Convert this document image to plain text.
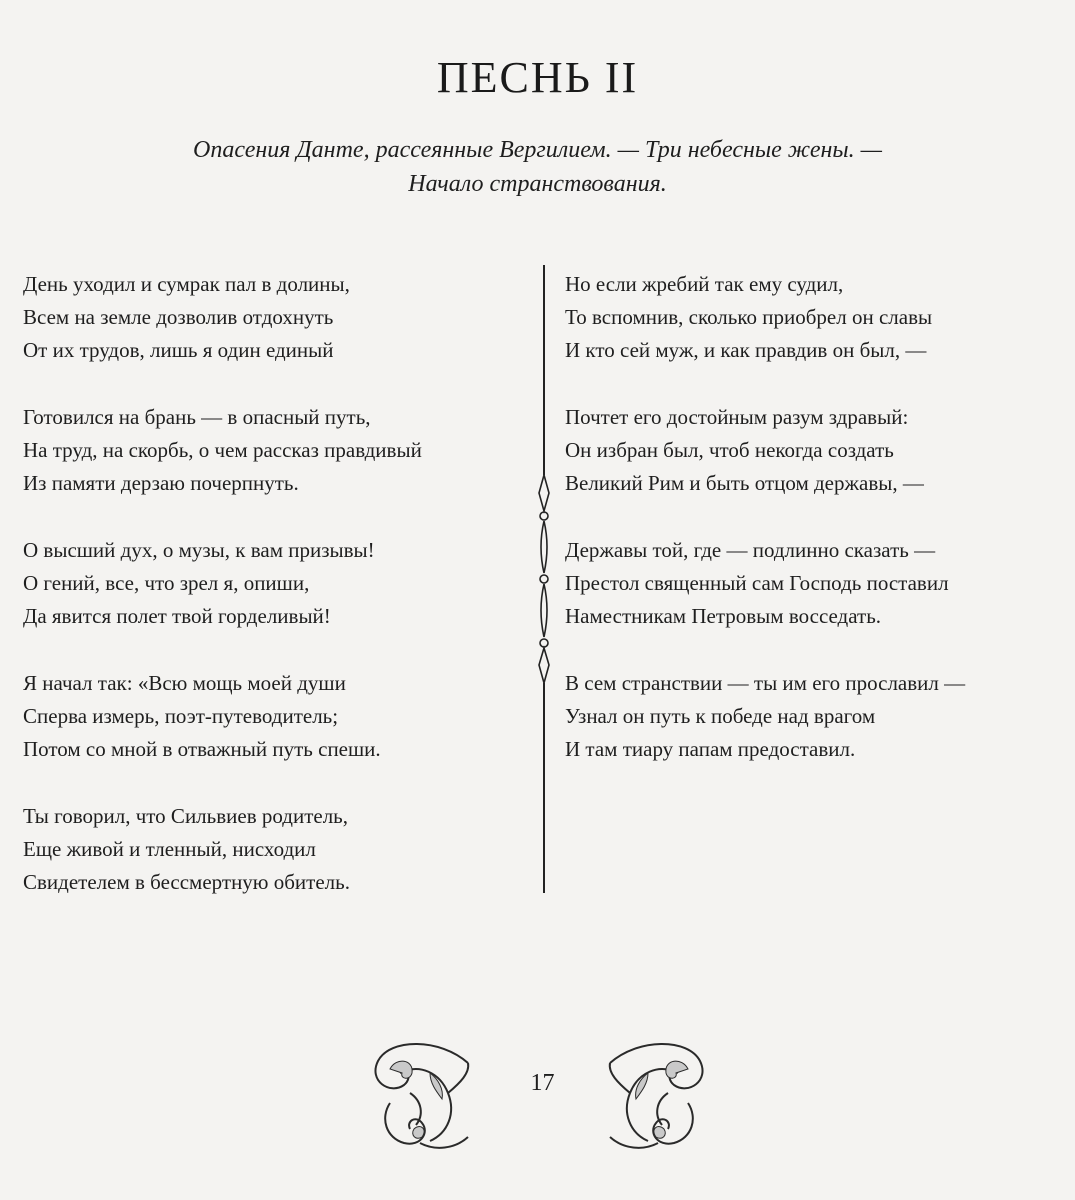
ПЕСНЬ II
Опасения Данте, рассеянные Вергилием. — Три небесные жены. —
Начало странствования.
День уходил и сумрак пал в долины,
Всем на земле дозволив отдохнуть
От их трудов, лишь я один единый
Готовился на брань — в опасный путь,
На труд, на скорбь, о чем рассказ правдивый
Из памяти дерзаю почерпнуть.
О высший дух, о музы, к вам призывы!
О гений, все, что зрел я, опиши,
Да явится полет твой горделивый!
Я начал так: «Всю мощь моей души
Сперва измерь, поэт-путеводитель;
Потом со мной в отважный путь спеши.
Ты говорил, что Сильвиев родитель,
Еще живой и тленный, нисходил
Свидетелем в бессмертную обитель.
Но если жребий так ему судил,
То вспомнив, сколько приобрел он славы
И кто сей муж, и как правдив он был, —
Почтет его достойным разум здравый:
Он избран был, чтоб некогда создать
Великий Рим и быть отцом державы, —
Державы той, где — подлинно сказать —
Престол священный сам Господь поставил
Наместникам Петровым восседать.
В сем странствии — ты им его прославил —
Узнал он путь к победе над врагом
И там тиару папам предоставил.
17
